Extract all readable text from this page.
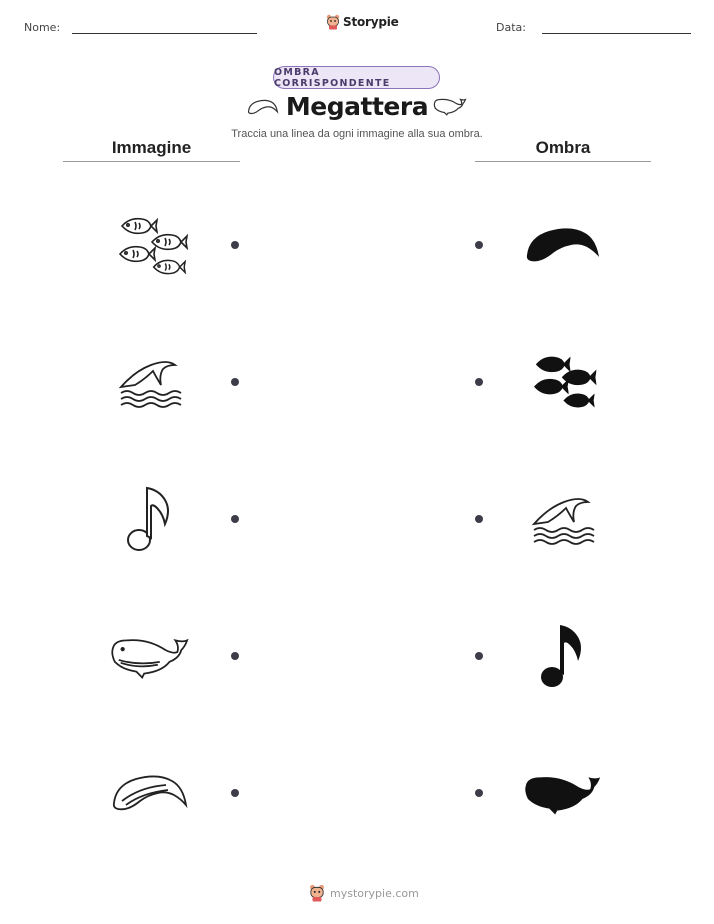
Nome:	Storypie	Data:
OMBRA CORRISPONDENTE
Megattera
Traccia una linea da ogni immagine alla sua ombra.
Immagine	Ombra
mystorypie.com
